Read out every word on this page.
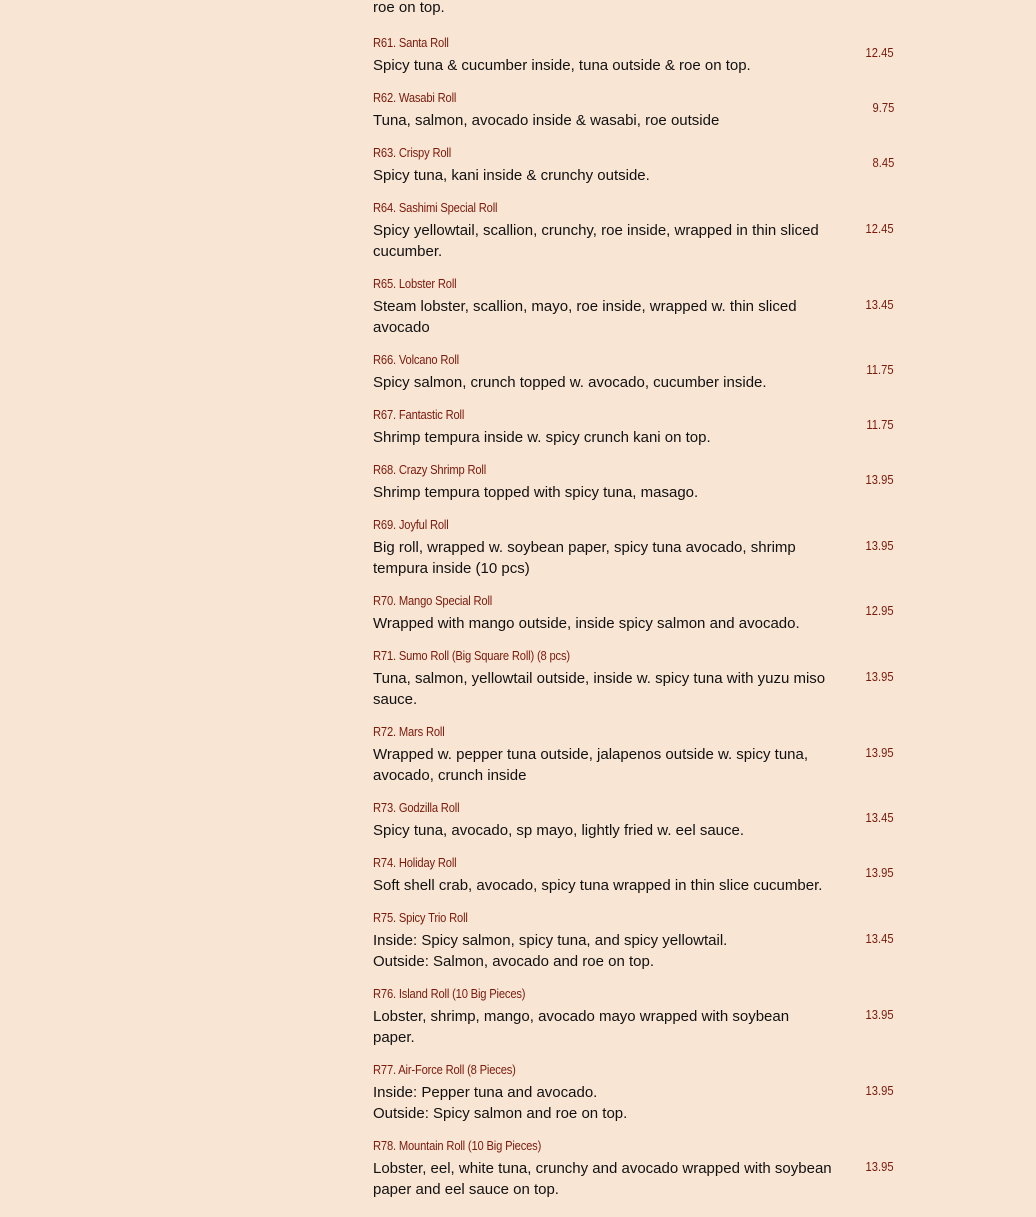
roe on top.
R61. Santa Roll
Spicy tuna & cucumber inside, tuna outside & roe on top.
12.45
R62. Wasabi Roll
Tuna, salmon, avocado inside & wasabi, roe outside
9.75
R63. Crispy Roll
Spicy tuna, kani inside & crunchy outside.
8.45
R64. Sashimi Special Roll
Spicy yellowtail, scallion, crunchy, roe inside, wrapped in thin sliced cucumber.
12.45
R65. Lobster Roll
Steam lobster, scallion, mayo, roe inside, wrapped w. thin sliced avocado
13.45
R66. Volcano Roll
Spicy salmon, crunch topped w. avocado, cucumber inside.
11.75
R67. Fantastic Roll
Shrimp tempura inside w. spicy crunch kani on top.
11.75
R68. Crazy Shrimp Roll
Shrimp tempura topped with spicy tuna, masago.
13.95
R69. Joyful Roll
Big roll, wrapped w. soybean paper, spicy tuna avocado, shrimp tempura inside (10 pcs)
13.95
R70. Mango Special Roll
Wrapped with mango outside, inside spicy salmon and avocado.
12.95
R71. Sumo Roll (Big Square Roll) (8 pcs)
Tuna, salmon, yellowtail outside, inside w. spicy tuna with yuzu miso sauce.
13.95
R72. Mars Roll
Wrapped w. pepper tuna outside, jalapenos outside w. spicy tuna, avocado, crunch inside
13.95
R73. Godzilla Roll
Spicy tuna, avocado, sp mayo, lightly fried w. eel sauce.
13.45
R74. Holiday Roll
Soft shell crab, avocado, spicy tuna wrapped in thin slice cucumber.
13.95
R75. Spicy Trio Roll
Inside: Spicy salmon, spicy tuna, and spicy yellowtail.
Outside: Salmon, avocado and roe on top.
13.45
R76. Island Roll (10 Big Pieces)
Lobster, shrimp, mango, avocado mayo wrapped with soybean paper.
13.95
R77. Air-Force Roll (8 Pieces)
Inside: Pepper tuna and avocado.
Outside: Spicy salmon and roe on top.
13.95
R78. Mountain Roll (10 Big Pieces)
Lobster, eel, white tuna, crunchy and avocado wrapped with soybean paper and eel sauce on top.
13.95
